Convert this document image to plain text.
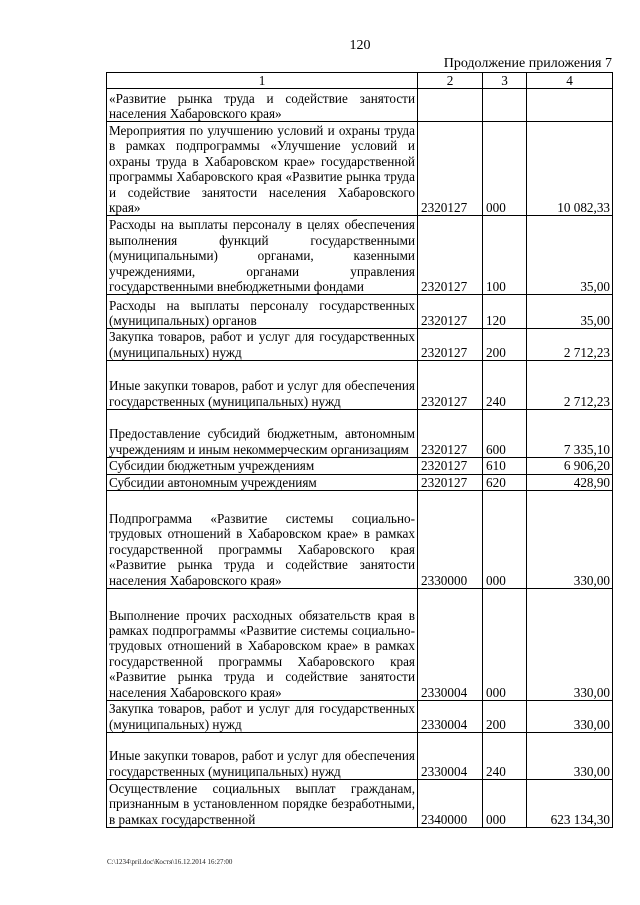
120
Продолжение приложения 7
1	2	3	4
«Развитие рынка труда и содействие занятости населения Хабаровского края»			
Мероприятия по улучшению условий и охраны труда в рамках подпрограммы «Улучшение условий и охраны труда в Хабаровском крае» государственной программы Хабаровского края «Развитие рынка труда и содействие занятости населения Хабаровского края»	2320127	000	10 082,33
Расходы на выплаты персоналу в целях обеспечения выполнения функций государственными (муниципальными) органами, казенными учреждениями, органами управления государственными внебюджетными фондами	2320127	100	35,00
Расходы на выплаты персоналу государственных (муниципальных) органов	2320127	120	35,00
Закупка товаров, работ и услуг для государственных (муниципальных) нужд	2320127	200	2 712,23
Иные закупки товаров, работ и услуг для обеспечения государственных (муниципальных) нужд	2320127	240	2 712,23
Предоставление субсидий бюджетным, автономным учреждениям и иным некоммерческим организациям	2320127	600	7 335,10
Субсидии бюджетным учреждениям	2320127	610	6 906,20
Субсидии автономным учреждениям	2320127	620	428,90
Подпрограмма «Развитие системы социально-трудовых отношений в Хабаровском крае» в рамках государственной программы Хабаровского края «Развитие рынка труда и содействие занятости населения Хабаровского края»	2330000	000	330,00
Выполнение прочих расходных обязательств края в рамках подпрограммы «Развитие системы социально-трудовых отношений в Хабаровском крае» в рамках государственной программы Хабаровского края «Развитие рынка труда и содействие занятости населения Хабаровского края»	2330004	000	330,00
Закупка товаров, работ и услуг для государственных (муниципальных) нужд	2330004	200	330,00
Иные закупки товаров, работ и услуг для обеспечения государственных (муниципальных) нужд	2330004	240	330,00
Осуществление социальных выплат гражданам, признанным в установленном порядке безработными, в рамках государственной	2340000	000	623 134,30
C:\1234\pril.doc\Костя\16.12.2014 16:27:00
